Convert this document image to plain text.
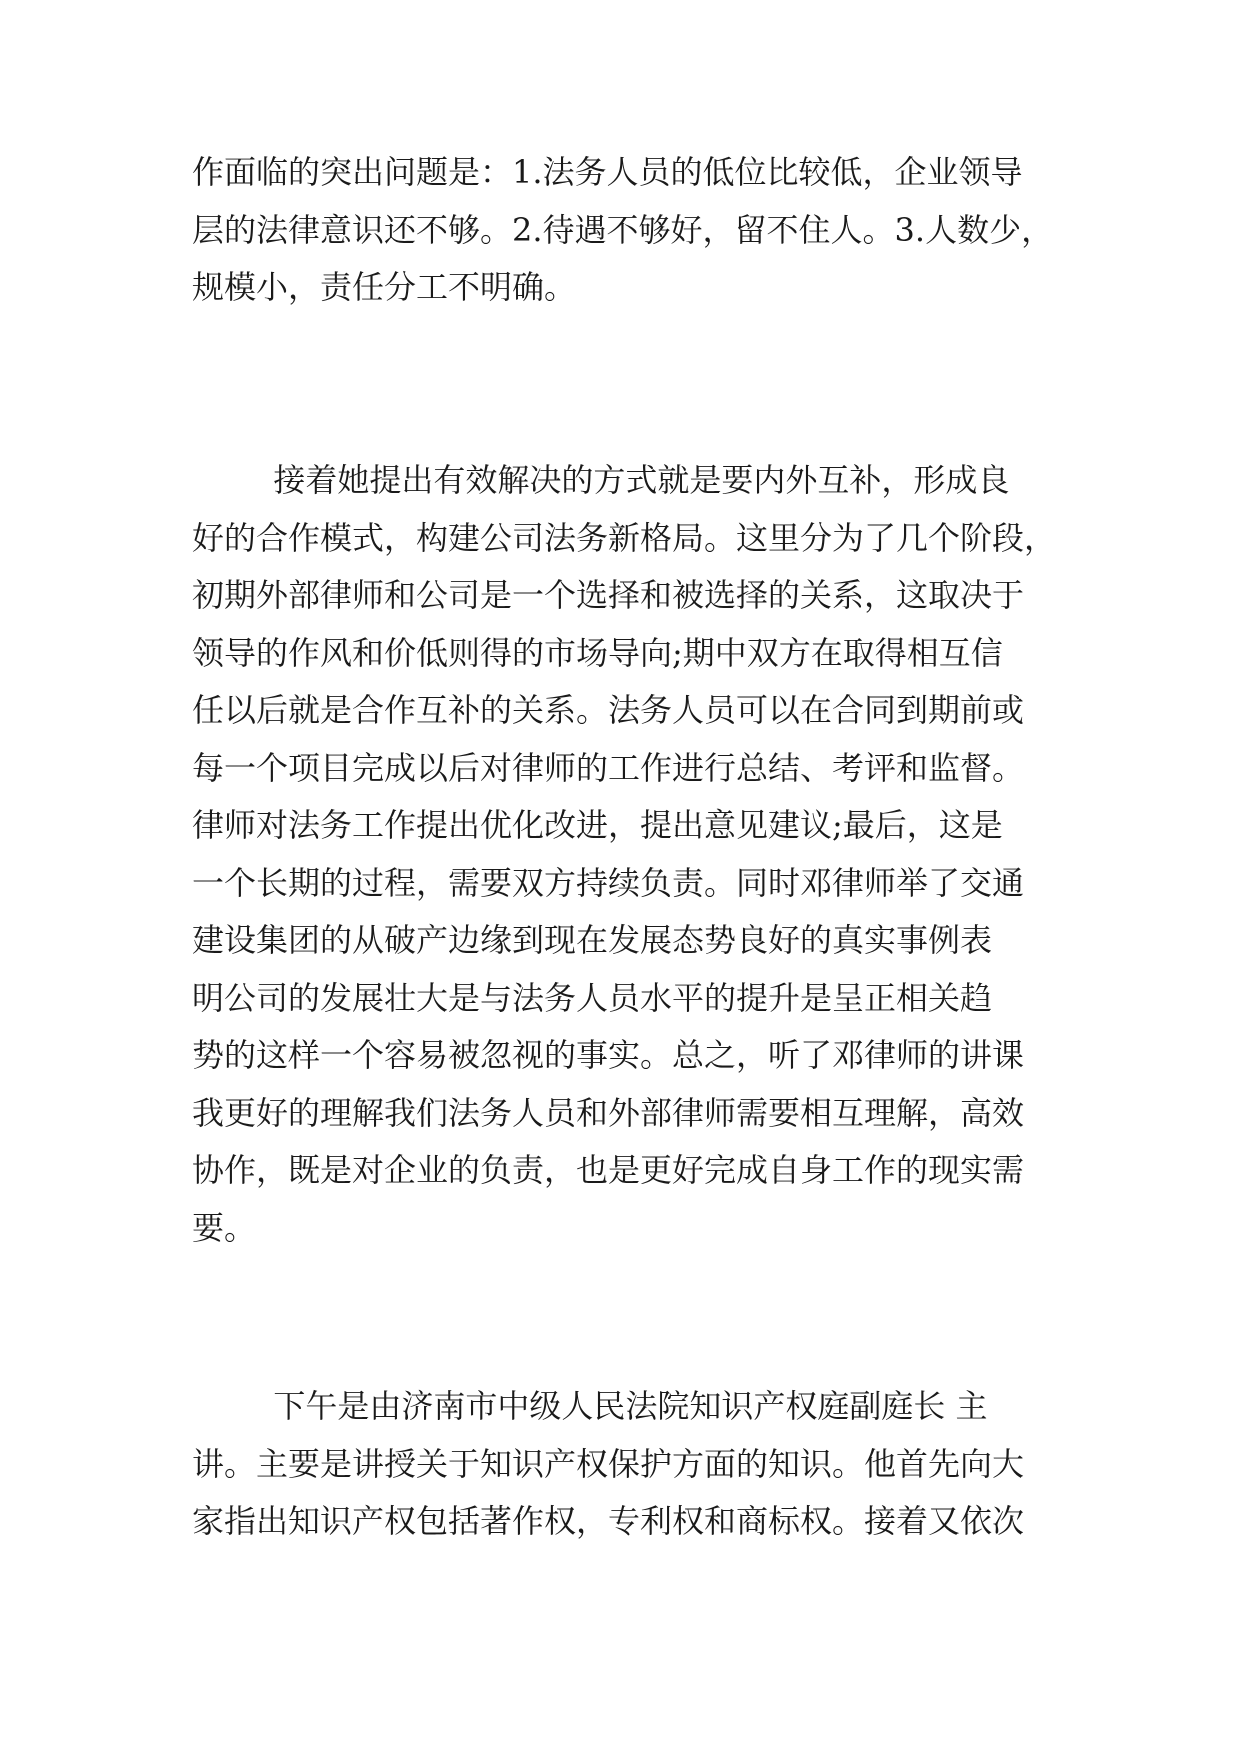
作面临的突出问题是：1.法务人员的低位比较低，企业领导
层的法律意识还不够。2.待遇不够好，留不住人。3.人数少，
规模小，责任分工不明确。
接着她提出有效解决的方式就是要内外互补，形成良
好的合作模式，构建公司法务新格局。这里分为了几个阶段，
初期外部律师和公司是一个选择和被选择的关系，这取决于
领导的作风和价低则得的市场导向;期中双方在取得相互信
任以后就是合作互补的关系。法务人员可以在合同到期前或
每一个项目完成以后对律师的工作进行总结、考评和监督。
律师对法务工作提出优化改进，提出意见建议;最后，这是
一个长期的过程，需要双方持续负责。同时邓律师举了交通
建设集团的从破产边缘到现在发展态势良好的真实事例表
明公司的发展壮大是与法务人员水平的提升是呈正相关趋
势的这样一个容易被忽视的事实。总之，听了邓律师的讲课
我更好的理解我们法务人员和外部律师需要相互理解，高效
协作，既是对企业的负责，也是更好完成自身工作的现实需
要。
下午是由济南市中级人民法院知识产权庭副庭长 主
讲。主要是讲授关于知识产权保护方面的知识。他首先向大
家指出知识产权包括著作权，专利权和商标权。接着又依次
